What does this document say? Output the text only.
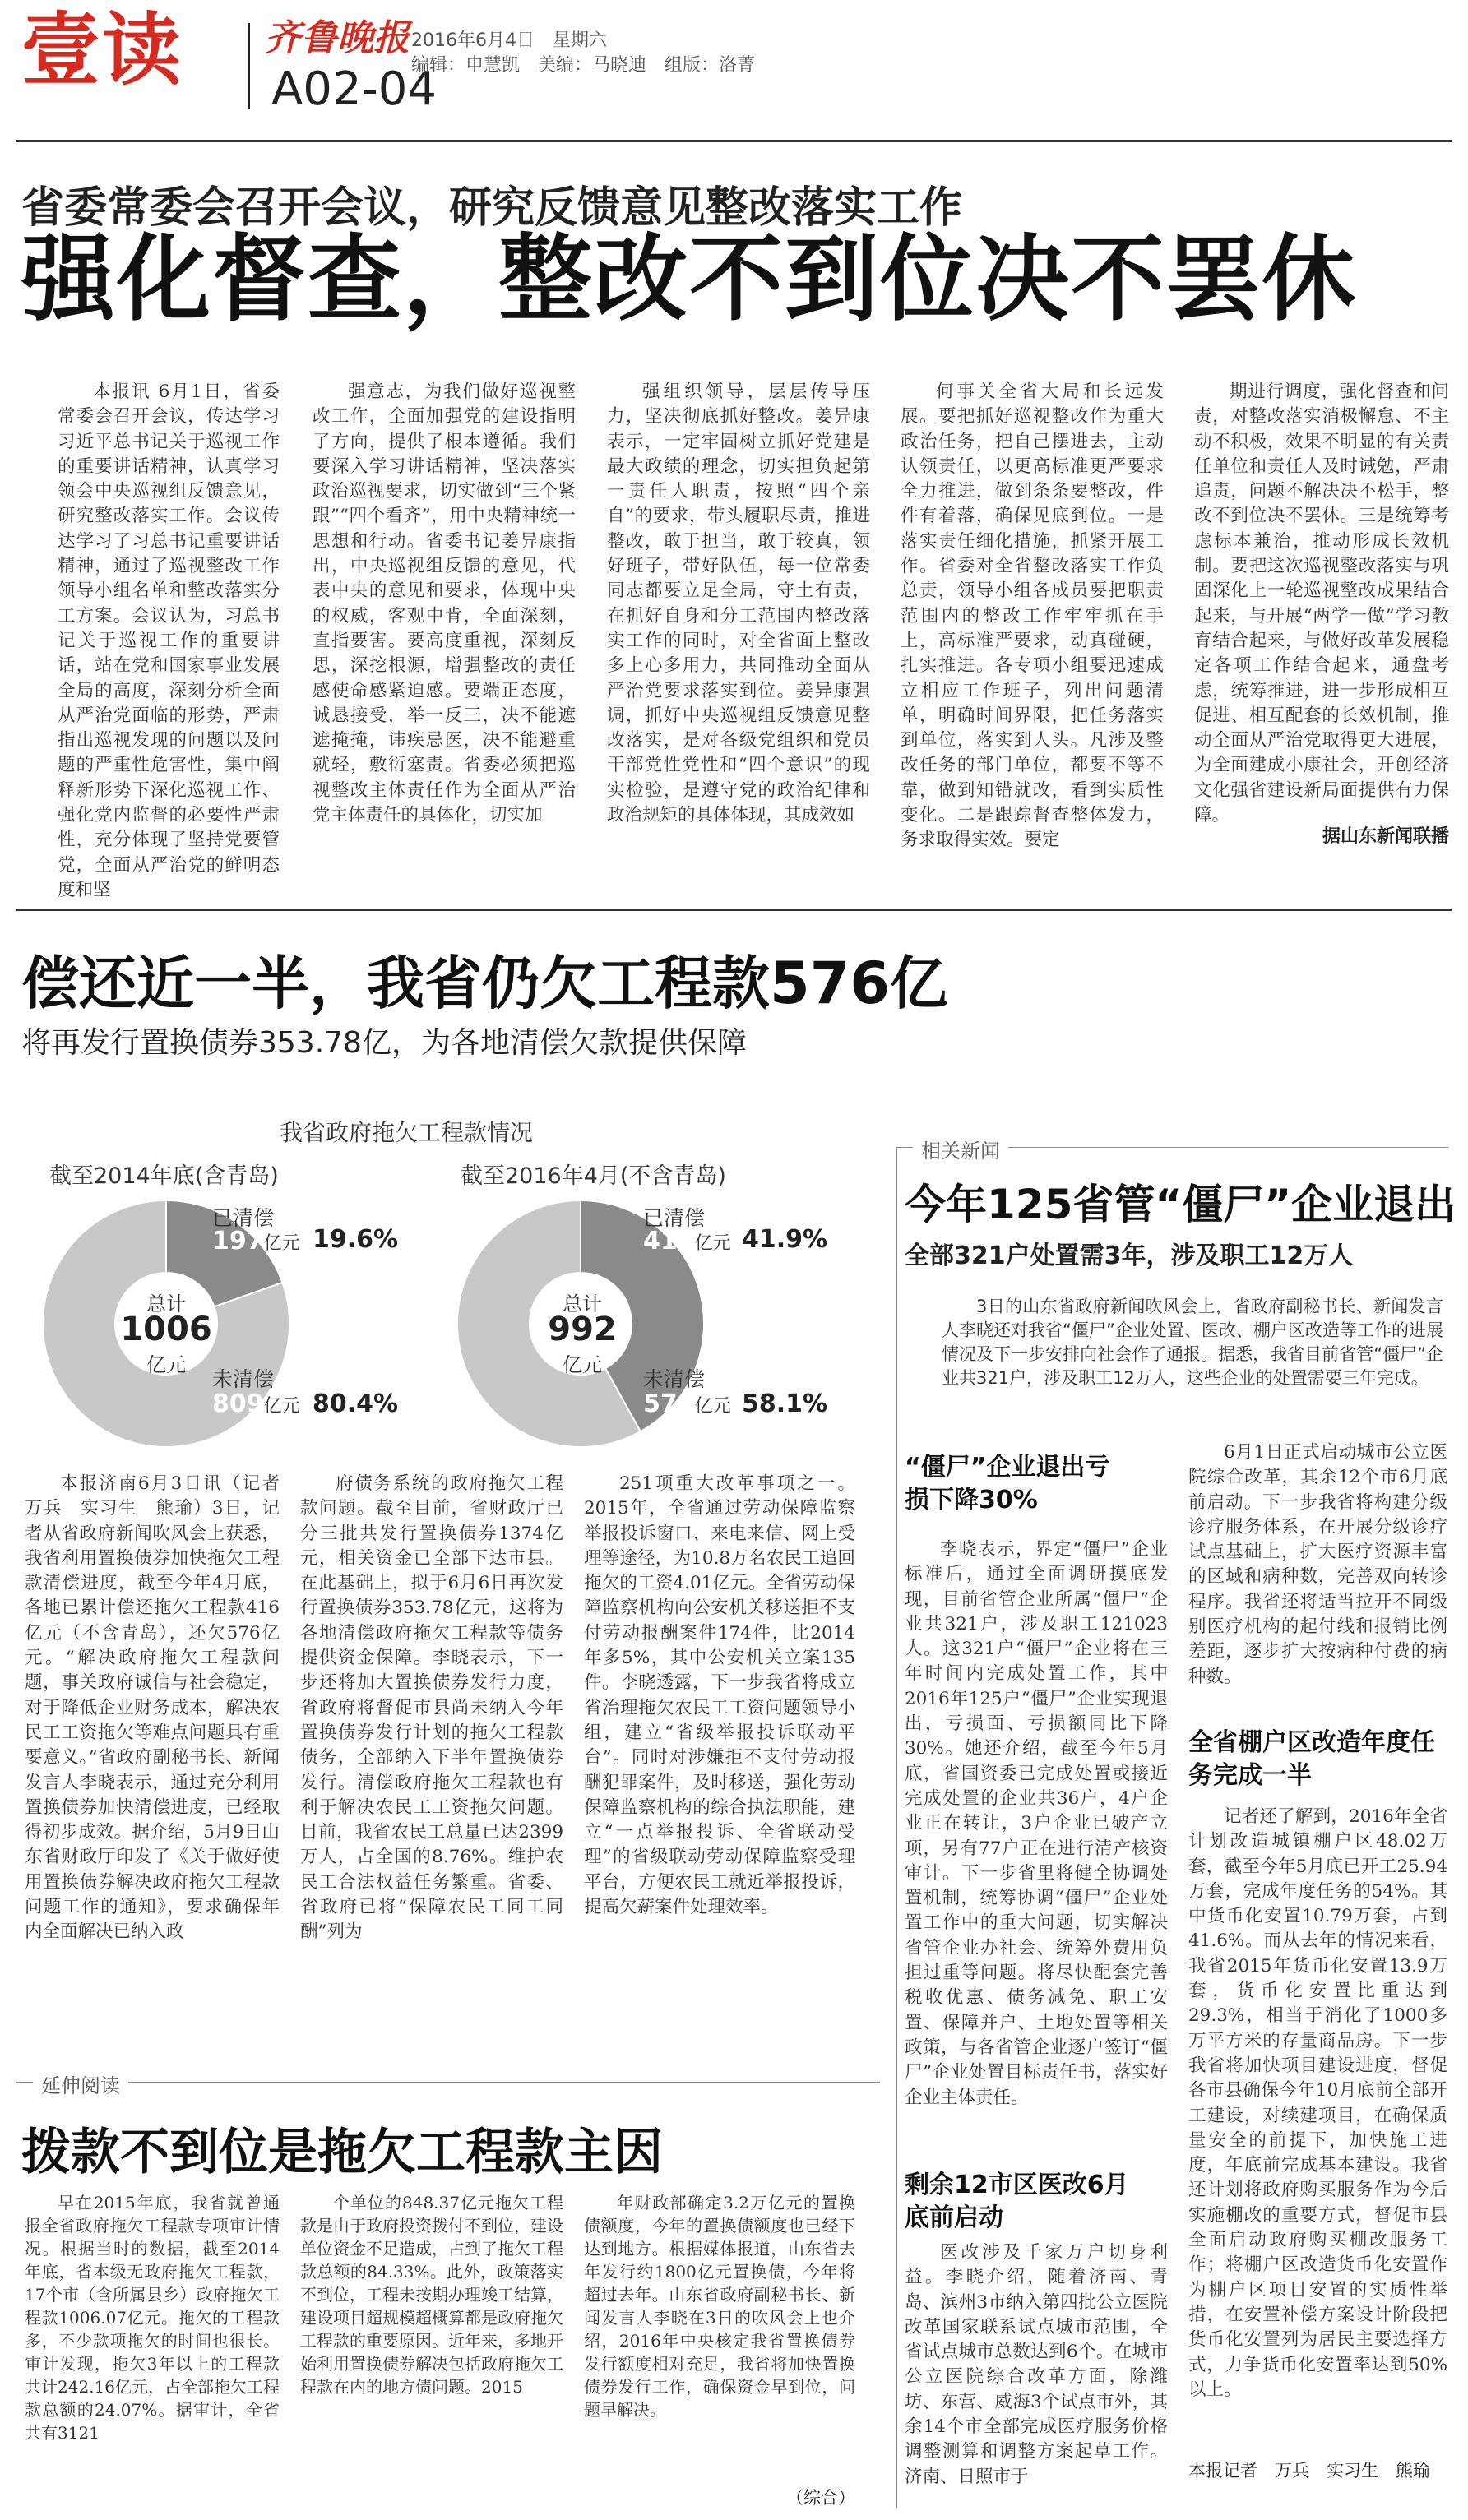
壹读 齐鲁晚报
A02-04
2016年6月4日　星期六
编辑：申慧凯　美编：马晓迪　组版：洛菁
省委常委会召开会议，研究反馈意见整改落实工作
强化督查，整改不到位决不罢休
本报讯 6月1日，省委常委会召开会议，传达学习习近平总书记关于巡视工作的重要讲话精神，认真学习领会中央巡视组反馈意见，研究整改落实工作。会议传达学习了习总书记重要讲话精神，通过了巡视整改工作领导小组名单和整改落实分工方案。会议认为，习总书记关于巡视工作的重要讲话，站在党和国家事业发展全局的高度，深刻分析全面从严治党面临的形势，严肃指出巡视发现的问题以及问题的严重性危害性，集中阐释新形势下深化巡视工作、强化党内监督的必要性严肃性，充分体现了坚持党要管党，全面从严治党的鲜明态度和坚
强意志，为我们做好巡视整改工作，全面加强党的建设指明了方向，提供了根本遵循。我们要深入学习讲话精神，坚决落实政治巡视要求，切实做到“三个紧跟”“四个看齐”，用中央精神统一思想和行动。省委书记姜异康指出，中央巡视组反馈的意见，代表中央的意见和要求，体现中央的权威，客观中肯，全面深刻，直指要害。要高度重视，深刻反思，深挖根源，增强整改的责任感使命感紧迫感。要端正态度，诚恳接受，举一反三，决不能遮遮掩掩，讳疾忌医，决不能避重就轻，敷衍塞责。省委必须把巡视整改主体责任作为全面从严治党主体责任的具体化，切实加
强组织领导，层层传导压力，坚决彻底抓好整改。姜异康表示，一定牢固树立抓好党建是最大政绩的理念，切实担负起第一责任人职责，按照“四个亲自”的要求，带头履职尽责，推进整改，敢于担当，敢于较真，领好班子，带好队伍，每一位常委同志都要立足全局，守土有责，在抓好自身和分工范围内整改落实工作的同时，对全省面上整改多上心多用力，共同推动全面从严治党要求落实到位。姜异康强调，抓好中央巡视组反馈意见整改落实，是对各级党组织和党员干部党性党性和“四个意识”的现实检验，是遵守党的政治纪律和政治规矩的具体体现，其成效如
何事关全省大局和长远发展。要把抓好巡视整改作为重大政治任务，把自己摆进去，主动认领责任，以更高标准更严要求全力推进，做到条条要整改，件件有着落，确保见底到位。一是落实责任细化措施，抓紧开展工作。省委对全省整改落实工作负总责，领导小组各成员要把职责范围内的整改工作牢牢抓在手上，高标准严要求，动真碰硬，扎实推进。各专项小组要迅速成立相应工作班子，列出问题清单，明确时间界限，把任务落实到单位，落实到人头。凡涉及整改任务的部门单位，都要不等不靠，做到知错就改，看到实质性变化。二是跟踪督查整体发力，务求取得实效。要定
期进行调度，强化督查和问责，对整改落实消极懈怠、不主动不积极，效果不明显的有关责任单位和责任人及时诫勉，严肃追责，问题不解决决不松手，整改不到位决不罢休。三是统筹考虑标本兼治，推动形成长效机制。要把这次巡视整改落实与巩固深化上一轮巡视整改成果结合起来，与开展“两学一做”学习教育结合起来，与做好改革发展稳定各项工作结合起来，通盘考虑，统筹推进，进一步形成相互促进、相互配套的长效机制，推动全面从严治党取得更大进展，为全面建成小康社会，开创经济文化强省建设新局面提供有力保障。
据山东新闻联播
偿还近一半，我省仍欠工程款576亿
将再发行置换债券353.78亿，为各地清偿欠款提供保障
我省政府拖欠工程款情况
截至2014年底(含青岛)	截至2016年4月(不含青岛)
已清偿
197亿元 19.6%
未清偿
809亿元 80.4%
总计
1006
亿元
已清偿
416亿元 41.9%
未清偿
576亿元 58.1%
总计
992
亿元
本报济南6月3日讯（记者　万兵　实习生　熊瑜）3日，记者从省政府新闻吹风会上获悉，我省利用置换债券加快拖欠工程款清偿进度，截至今年4月底，各地已累计偿还拖欠工程款416亿元（不含青岛），还欠576亿元。“解决政府拖欠工程款问题，事关政府诚信与社会稳定，对于降低企业财务成本，解决农民工工资拖欠等难点问题具有重要意义。”省政府副秘书长、新闻发言人李晓表示，通过充分利用置换债券加快清偿进度，已经取得初步成效。据介绍，5月9日山东省财政厅印发了《关于做好使用置换债券解决政府拖欠工程款问题工作的通知》，要求确保年内全面解决已纳入政
府债务系统的政府拖欠工程款问题。截至目前，省财政厅已分三批共发行置换债券1374亿元，相关资金已全部下达市县。在此基础上，拟于6月6日再次发行置换债券353.78亿元，这将为各地清偿政府拖欠工程款等债务提供资金保障。李晓表示，下一步还将加大置换债券发行力度，省政府将督促市县尚未纳入今年置换债券发行计划的拖欠工程款债务，全部纳入下半年置换债券发行。清偿政府拖欠工程款也有利于解决农民工工资拖欠问题。目前，我省农民工总量已达2399万人，占全国的8.76%。维护农民工合法权益任务繁重。省委、省政府已将“保障农民工同工同酬”列为
251项重大改革事项之一。2015年，全省通过劳动保障监察举报投诉窗口、来电来信、网上受理等途径，为10.8万名农民工追回拖欠的工资4.01亿元。全省劳动保障监察机构向公安机关移送拒不支付劳动报酬案件174件，比2014年多5%，其中公安机关立案135件。李晓透露，下一步我省将成立省治理拖欠农民工工资问题领导小组，建立“省级举报投诉联动平台”。同时对涉嫌拒不支付劳动报酬犯罪案件，及时移送，强化劳动保障监察机构的综合执法职能，建立“一点举报投诉、全省联动受理”的省级联动劳动保障监察受理平台，方便农民工就近举报投诉，提高欠薪案件处理效率。
相关新闻
今年125省管“僵尸”企业退出
全部321户处置需3年，涉及职工12万人
3日的山东省政府新闻吹风会上，省政府副秘书长、新闻发言人李晓还对我省“僵尸”企业处置、医改、棚户区改造等工作的进展情况及下一步安排向社会作了通报。据悉，我省目前省管“僵尸”企业共321户，涉及职工12万人，这些企业的处置需要三年完成。
“僵尸”企业退出亏损下降30%
李晓表示，界定“僵尸”企业标准后，通过全面调研摸底发现，目前省管企业所属“僵尸”企业共321户，涉及职工121023人。这321户“僵尸”企业将在三年时间内完成处置工作，其中2016年125户“僵尸”企业实现退出，亏损面、亏损额同比下降30%。她还介绍，截至今年5月底，省国资委已完成处置或接近完成处置的企业共36户，4户企业正在转让，3户企业已破产立项，另有77户正在进行清产核资审计。下一步省里将健全协调处置机制，统筹协调“僵尸”企业处置工作中的重大问题，切实解决省管企业办社会、统筹外费用负担过重等问题。将尽快配套完善税收优惠、债务减免、职工安置、保障并户、土地处置等相关政策，与各省管企业逐户签订“僵尸”企业处置目标责任书，落实好企业主体责任。
剩余12市区医改6月底前启动
医改涉及千家万户切身利益。李晓介绍，随着济南、青岛、滨州3市纳入第四批公立医院改革国家联系试点城市范围，全省试点城市总数达到6个。在城市公立医院综合改革方面，除潍坊、东营、威海3个试点市外，其余14个市全部完成医疗服务价格调整测算和调整方案起草工作。济南、日照市于
6月1日正式启动城市公立医院综合改革，其余12个市6月底前启动。下一步我省将构建分级诊疗服务体系，在开展分级诊疗试点基础上，扩大医疗资源丰富的区域和病种数，完善双向转诊程序。我省还将适当拉开不同级别医疗机构的起付线和报销比例差距，逐步扩大按病种付费的病种数。
全省棚户区改造年度任务完成一半
记者还了解到，2016年全省计划改造城镇棚户区48.02万套，截至今年5月底已开工25.94万套，完成年度任务的54%。其中货币化安置10.79万套，占到41.6%。而从去年的情况来看，我省2015年货币化安置13.9万套，货币化安置比重达到29.3%，相当于消化了1000多万平方米的存量商品房。下一步我省将加快项目建设进度，督促各市县确保今年10月底前全部开工建设，对续建项目，在确保质量安全的前提下，加快施工进度，年底前完成基本建设。我省还计划将政府购买服务作为今后实施棚改的重要方式，督促市县全面启动政府购买棚改服务工作；将棚户区改造货币化安置作为棚户区项目安置的实质性举措，在安置补偿方案设计阶段把货币化安置列为居民主要选择方式，力争货币化安置率达到50%以上。
本报记者　万兵　实习生　熊瑜
延伸阅读
拨款不到位是拖欠工程款主因
早在2015年底，我省就曾通报全省政府拖欠工程款专项审计情况。根据当时的数据，截至2014年底，省本级无政府拖欠工程款，17个市（含所属县乡）政府拖欠工程款1006.07亿元。拖欠的工程款多，不少款项拖欠的时间也很长。审计发现，拖欠3年以上的工程款共计242.16亿元，占全部拖欠工程款总额的24.07%。据审计，全省共有3121
个单位的848.37亿元拖欠工程款是由于政府投资拨付不到位，建设单位资金不足造成，占到了拖欠工程款总额的84.33%。此外，政策落实不到位，工程未按期办理竣工结算，建设项目超规模超概算都是政府拖欠工程款的重要原因。近年来，多地开始利用置换债券解决包括政府拖欠工程款在内的地方债问题。2015
年财政部确定3.2万亿元的置换债额度，今年的置换债额度也已经下达到地方。根据媒体报道，山东省去年发行约1800亿元置换债，今年将超过去年。山东省政府副秘书长、新闻发言人李晓在3日的吹风会上也介绍，2016年中央核定我省置换债券发行额度相对充足，我省将加快置换债券发行工作，确保资金早到位，问题早解决。
（综合）
